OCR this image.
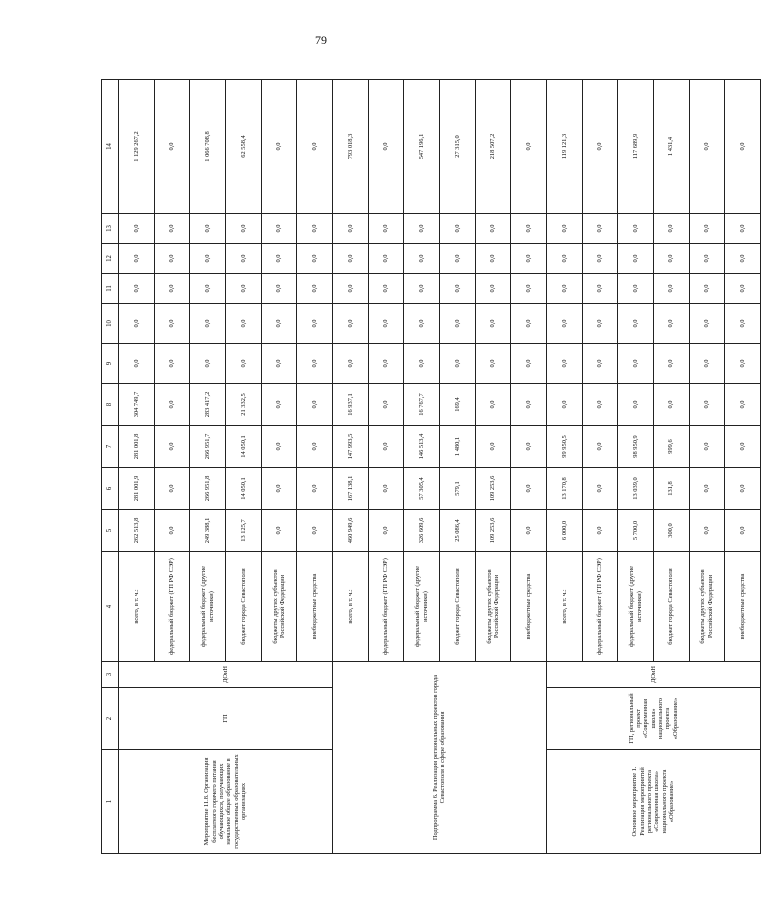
79
1	2	3	4	5	6	7	8	9	10	11	12	13	14
Мероприятие 11.8. Организация бесплатного горячего питания обучающихся, получающих начальное общее образование в государственных образовательных организациях	ГП	ДОиН	всего, в т. ч.:	262 513,8	281 001,9	281 001,8	304 749,7	0,0	0,0	0,0	0,0	0,0	1 129 267,2
			федеральный бюджет (ГП РФ СЭР)	0,0	0,0	0,0	0,0	0,0	0,0	0,0	0,0	0,0	0,0
			федеральный бюджет (другие источники)	249 388,1	266 951,8	266 951,7	283 417,2	0,0	0,0	0,0	0,0	0,0	1 066 708,8
			бюджет города Севастополя	13 125,7	14 050,1	14 050,1	21 332,5	0,0	0,0	0,0	0,0	0,0	62 558,4
			бюджеты других субъектов Российской Федерации	0,0	0,0	0,0	0,0	0,0	0,0	0,0	0,0	0,0	0,0
			внебюджетные средства	0,0	0,0	0,0	0,0	0,0	0,0	0,0	0,0	0,0	0,0
Подпрограмма 6. Реализация региональных проектов города Севастополя в сфере образования			всего, в т. ч.:	460 949,6	167 138,1	147 993,5	16 937,1	0,0	0,0	0,0	0,0	0,0	793 018,3
			федеральный бюджет (ГП РФ СЭР)	0,0	0,0	0,0	0,0	0,0	0,0	0,0	0,0	0,0	0,0
			федеральный бюджет (другие источники)	326 609,6	57 305,4	146 513,4	16 767,7	0,0	0,0	0,0	0,0	0,0	547 196,1
			бюджет города Севастополя	25 086,4	579,1	1 480,1	169,4	0,0	0,0	0,0	0,0	0,0	27 315,0
			бюджеты других субъектов Российской Федерации	109 253,6	109 253,6	0,0	0,0	0,0	0,0	0,0	0,0	0,0	218 507,2
			внебюджетные средства	0,0	0,0	0,0	0,0	0,0	0,0	0,0	0,0	0,0	0,0
Основное мероприятие 1. Реализация мероприятий регионального проекта «Современная школа» национального проекта «Образование»	ГП, региональный проект «Современная школа» национального проекта «Образование»	ДОиН	всего, в т. ч.:	6 000,0	13 170,8	99 950,5	0,0	0,0	0,0	0,0	0,0	0,0	119 121,3
			федеральный бюджет (ГП РФ СЭР)	0,0	0,0	0,0	0,0	0,0	0,0	0,0	0,0	0,0	0,0
			федеральный бюджет (другие источники)	5 700,0	13 039,0	98 950,9	0,0	0,0	0,0	0,0	0,0	0,0	117 689,9
			бюджет города Севастополя	300,0	131,8	999,6	0,0	0,0	0,0	0,0	0,0	0,0	1 431,4
			бюджеты других субъектов Российской Федерации	0,0	0,0	0,0	0,0	0,0	0,0	0,0	0,0	0,0	0,0
			внебюджетные средства	0,0	0,0	0,0	0,0	0,0	0,0	0,0	0,0	0,0	0,0
